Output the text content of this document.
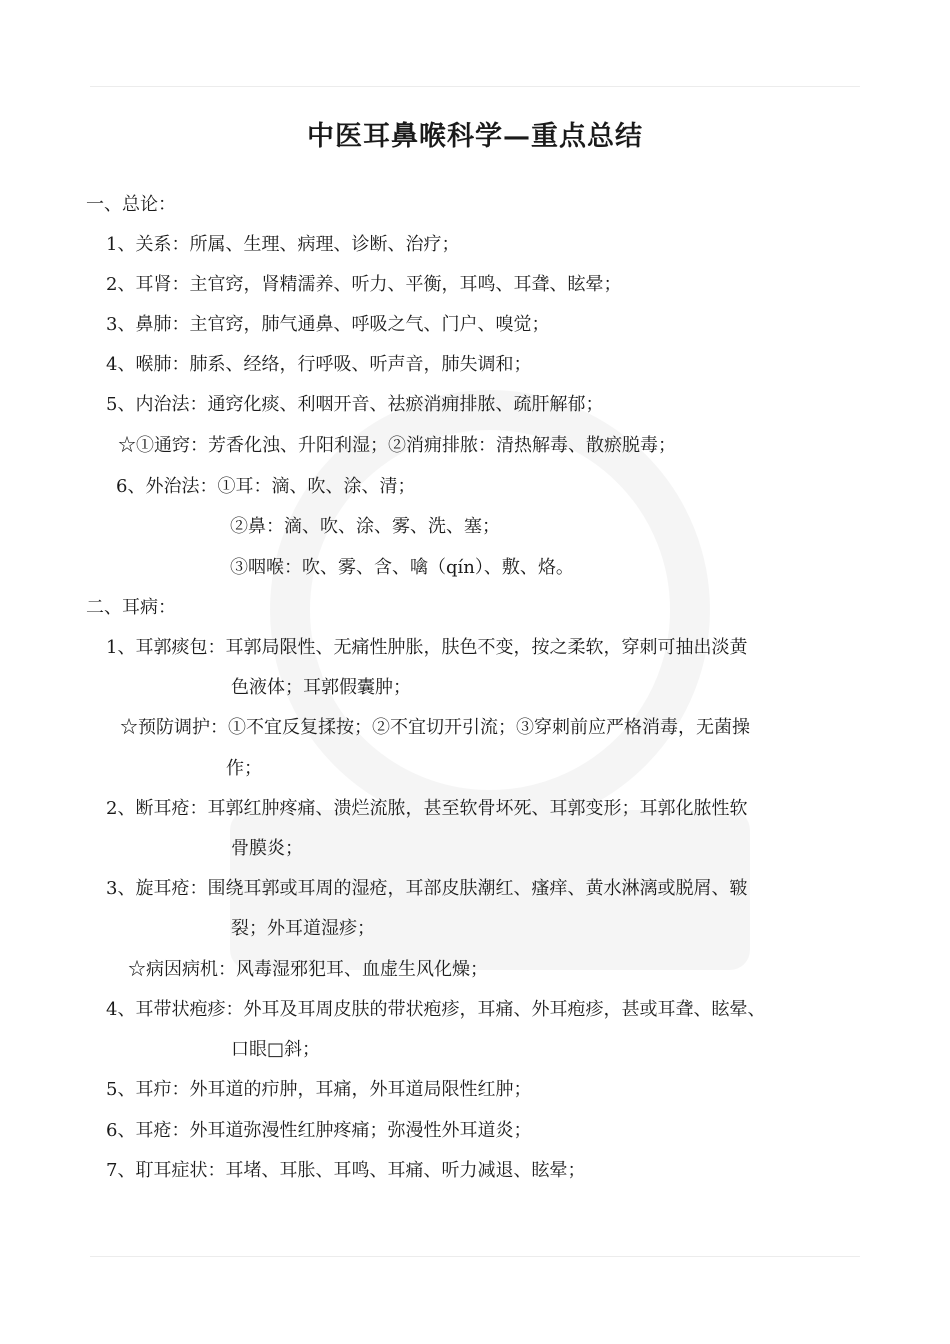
中医耳鼻喉科学—重点总结
一、总论：
1、关系：所属、生理、病理、诊断、治疗；
2、耳肾：主官窍，肾精濡养、听力、平衡，耳鸣、耳聋、眩晕；
3、鼻肺：主官窍，肺气通鼻、呼吸之气、门户、嗅觉；
4、喉肺：肺系、经络，行呼吸、听声音，肺失调和；
5、内治法：通窍化痰、利咽开音、祛瘀消痈排脓、疏肝解郁；
☆①通窍：芳香化浊、升阳利湿；②消痈排脓：清热解毒、散瘀脱毒；
6、外治法：①耳：滴、吹、涂、清；
②鼻：滴、吹、涂、雾、洗、塞；
③咽喉：吹、雾、含、噙（qín）、敷、烙。
二、耳病：
1、耳郭痰包：耳郭局限性、无痛性肿胀，肤色不变，按之柔软，穿刺可抽出淡黄
色液体；耳郭假囊肿；
☆预防调护：①不宜反复揉按；②不宜切开引流；③穿刺前应严格消毒，无菌操
作；
2、断耳疮：耳郭红肿疼痛、溃烂流脓，甚至软骨坏死、耳郭变形；耳郭化脓性软
骨膜炎；
3、旋耳疮：围绕耳郭或耳周的湿疮，耳部皮肤潮红、瘙痒、黄水淋漓或脱屑、皲
裂；外耳道湿疹；
☆病因病机：风毒湿邪犯耳、血虚生风化燥；
4、耳带状疱疹：外耳及耳周皮肤的带状疱疹，耳痛、外耳疱疹，甚或耳聋、眩晕、
口眼□斜；
5、耳疖：外耳道的疖肿，耳痛，外耳道局限性红肿；
6、耳疮：外耳道弥漫性红肿疼痛；弥漫性外耳道炎；
7、耵耳症状：耳堵、耳胀、耳鸣、耳痛、听力减退、眩晕；
